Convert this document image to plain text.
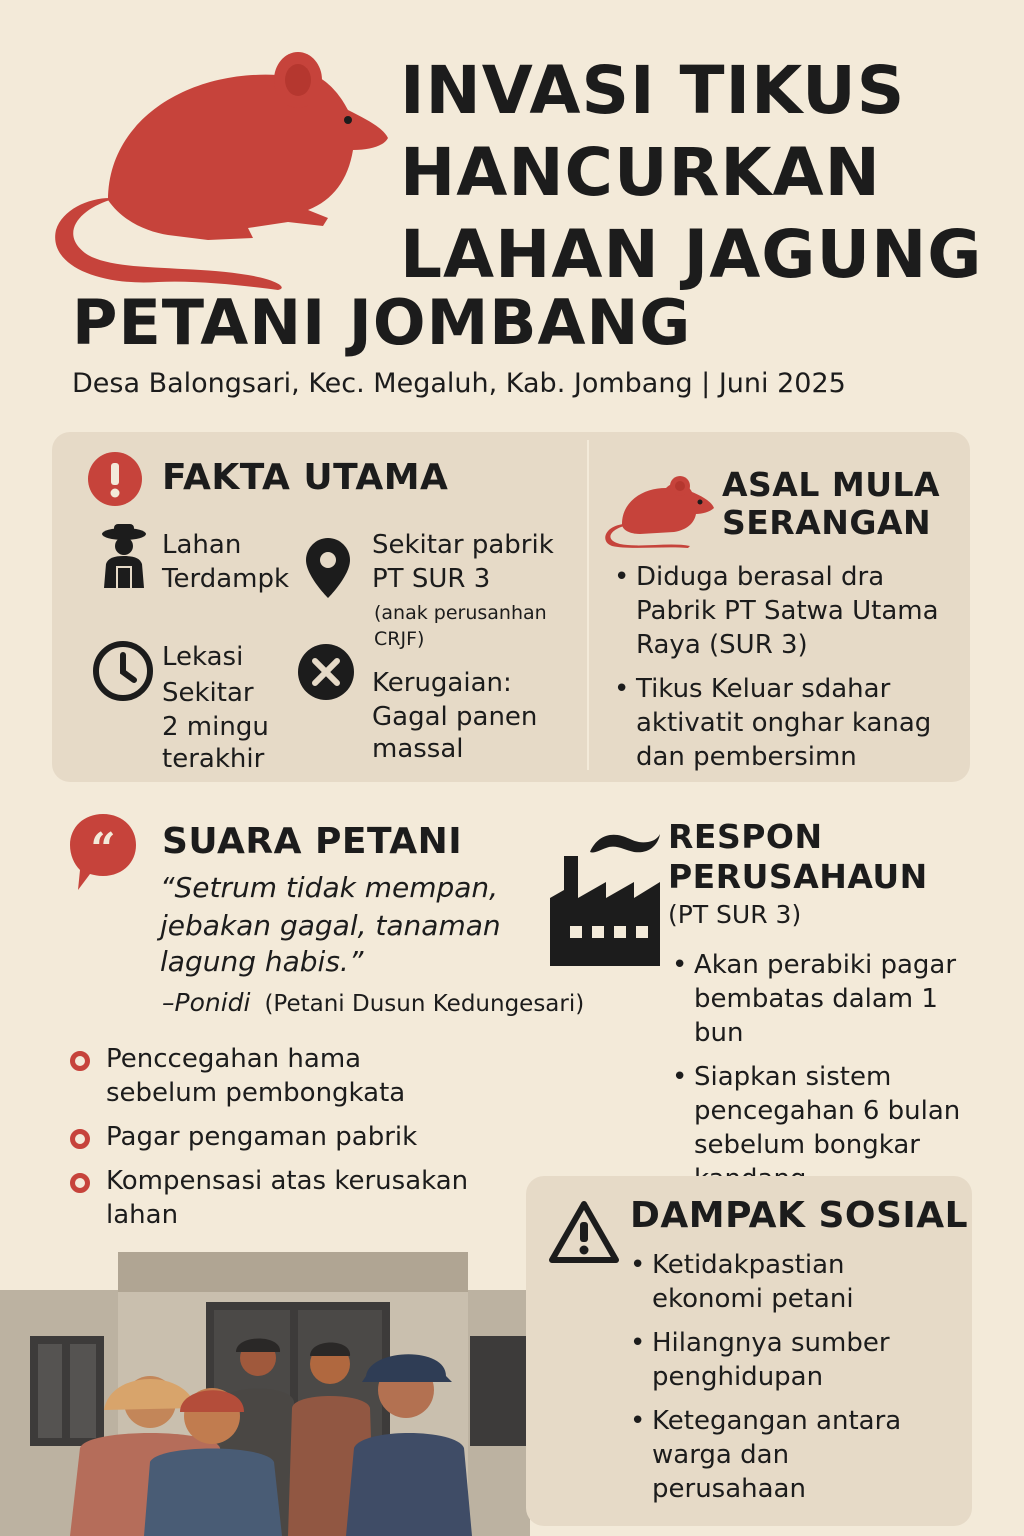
INVASI TIKUS
HANCURKAN
LAHAN JAGUNG
PETANI JOMBANG
Desa Balongsari, Kec. Megaluh, Kab. Jombang | Juni 2025
FAKTA UTAMA
Lahan
Terdampk
Sekitar pabrik
PT SUR 3
(anak perusanhan
CRJF)
Lekasi
Sekitar
2 mingu
terakhir
Kerugaian:
Gagal panen
massal
ASAL MULA
SERANGAN
• Diduga berasal dra Pabrik PT Satwa Utama Raya (SUR 3)
• Tikus Keluar sdahar aktivatit onghar kanag dan pembersimn
“ SUARA PETANI
“Setrum tidak mempan,
jebakan gagal, tanaman
lagung habis.”
–Ponidi (Petani Dusun Kedungesari)
Penccegahan hama sebelum pembongkata
Pagar pengaman pabrik
Kompensasi atas kerusakan lahan
RESPON
PERUSAHAUN
(PT SUR 3)
• Akan perabiki pagar bembatas dalam 1 bun
• Siapkan sistem pencegahan 6 bulan sebelum bongkar
DAMPAK SOSIAL
• Ketidakpastian ekonomi petani
• Hilangnya sumber penghidupan
• Ketegangan antara warga dan perusahaan
